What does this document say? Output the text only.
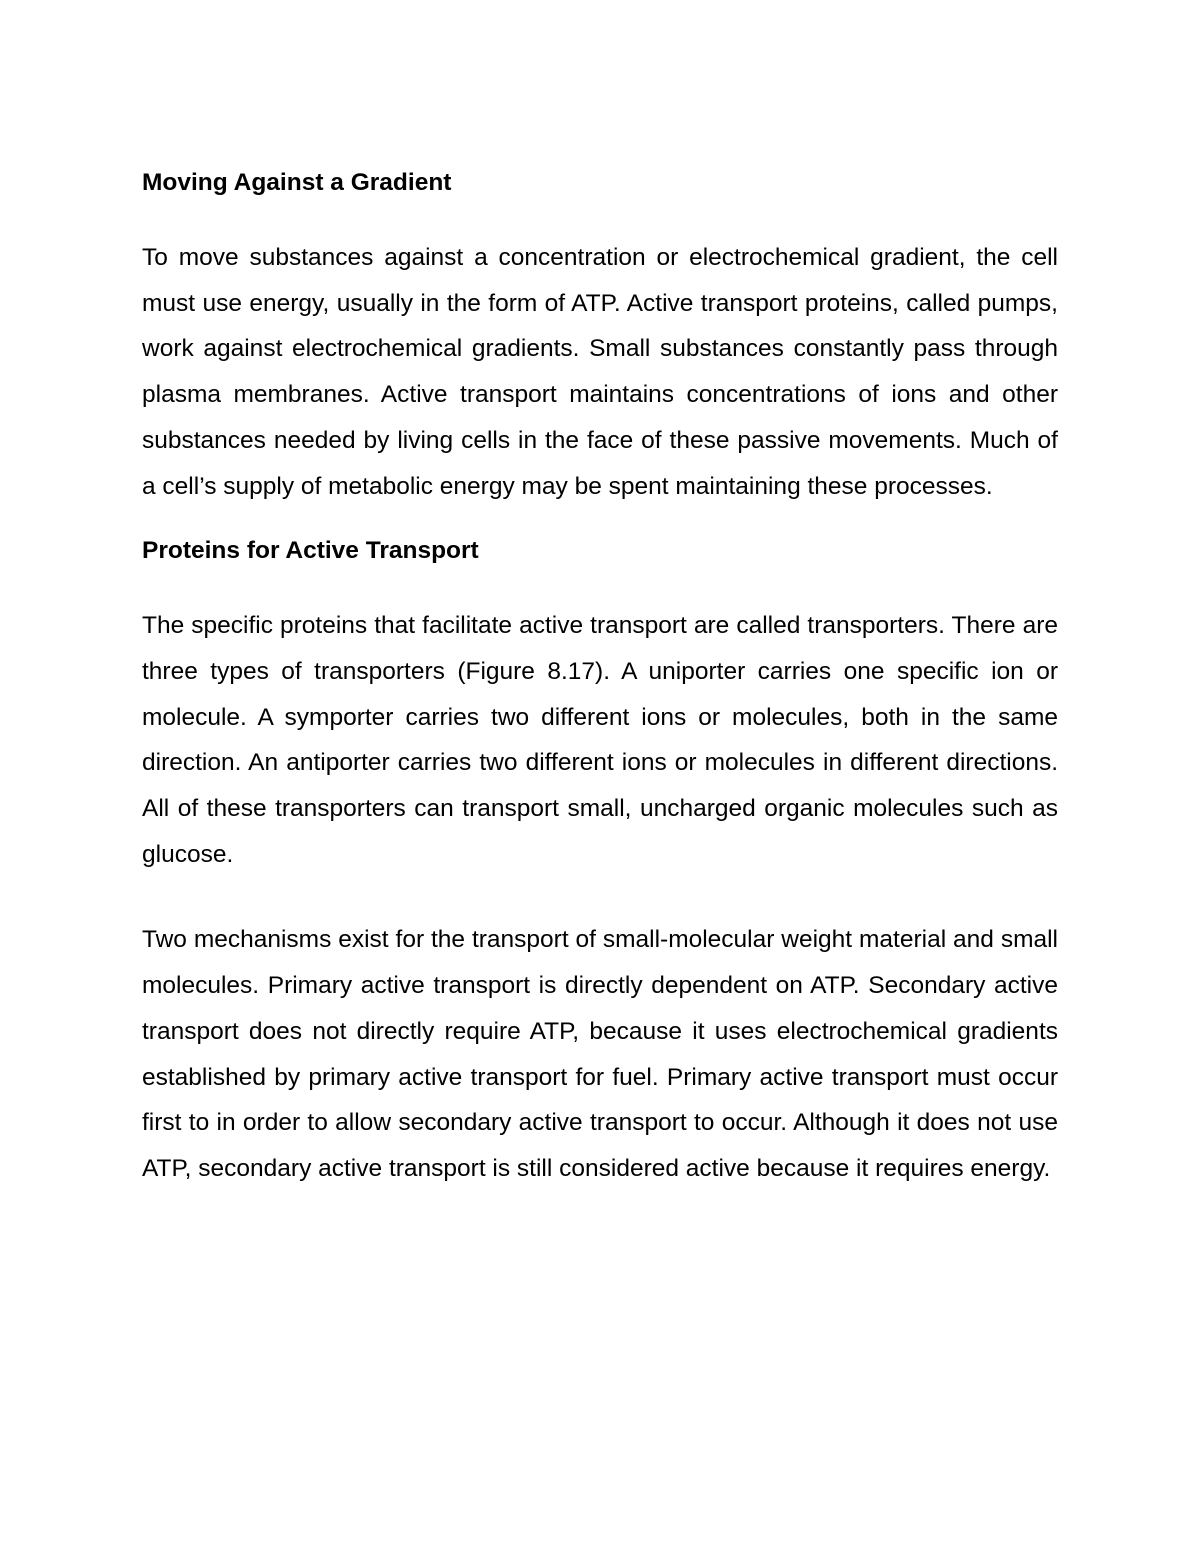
Moving Against a Gradient

To move substances against a concentration or electrochemical gradient, the cell must use energy, usually in the form of ATP. Active transport proteins, called pumps, work against electrochemical gradients. Small substances constantly pass through plasma membranes. Active transport maintains concentrations of ions and other substances needed by living cells in the face of these passive movements. Much of a cell’s supply of metabolic energy may be spent maintaining these processes.

Proteins for Active Transport

The specific proteins that facilitate active transport are called transporters. There are three types of transporters (Figure 8.17). A uniporter carries one specific ion or molecule. A symporter carries two different ions or molecules, both in the same direction. An antiporter carries two different ions or molecules in different directions. All of these transporters can transport small, uncharged organic molecules such as glucose.

Two mechanisms exist for the transport of small-molecular weight material and small molecules. Primary active transport is directly dependent on ATP. Secondary active transport does not directly require ATP, because it uses electrochemical gradients established by primary active transport for fuel. Primary active transport must occur first to in order to allow secondary active transport to occur. Although it does not use ATP, secondary active transport is still considered active because it requires energy.
